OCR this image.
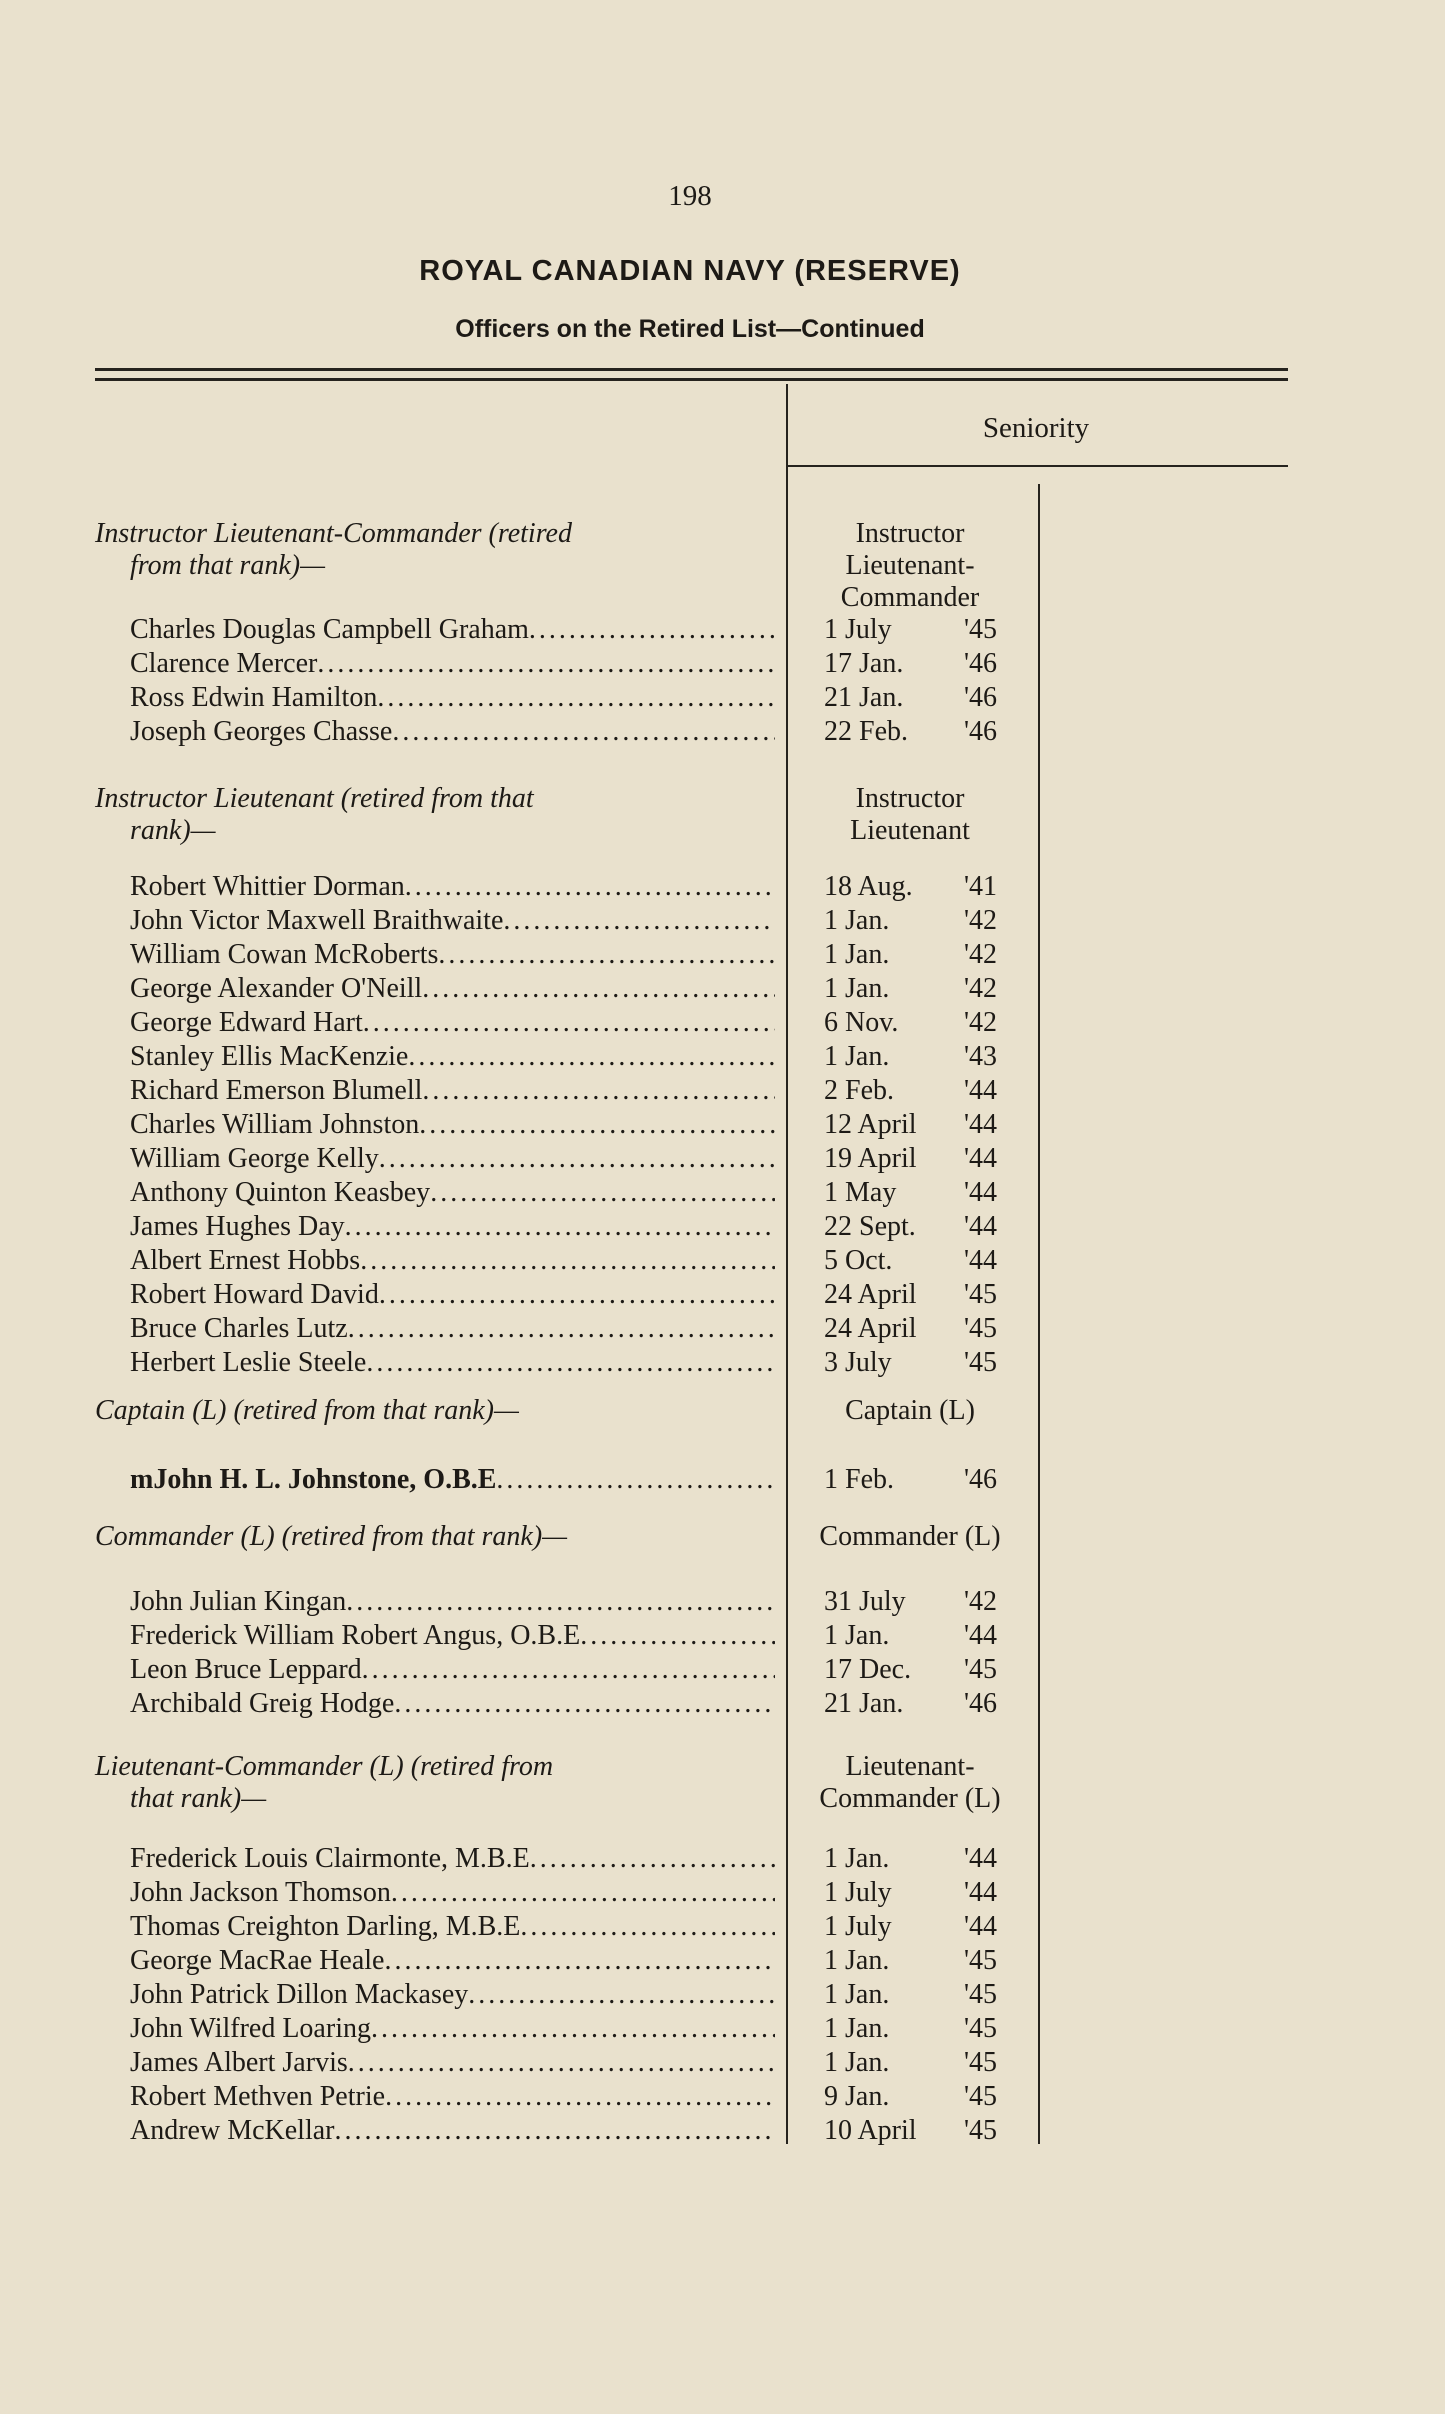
198
ROYAL CANADIAN NAVY (RESERVE)
Officers on the Retired List—Continued
Seniority
Instructor Lieutenant-Commander (retired
from that rank)—
Instructor
Lieutenant-
Commander
Charles Douglas Campbell Graham .....	1 July	'45
Clarence Mercer .....	17 Jan.	'46
Ross Edwin Hamilton .....	21 Jan.	'46
Joseph Georges Chasse .....	22 Feb.	'46
Instructor Lieutenant (retired from that
rank)—
Instructor
Lieutenant
Robert Whittier Dorman .....	18 Aug.	'41
John Victor Maxwell Braithwaite .....	1 Jan.	'42
William Cowan McRoberts .....	1 Jan.	'42
George Alexander O'Neill .....	1 Jan.	'42
George Edward Hart .....	6 Nov.	'42
Stanley Ellis MacKenzie .....	1 Jan.	'43
Richard Emerson Blumell .....	2 Feb.	'44
Charles William Johnston .....	12 April	'44
William George Kelly .....	19 April	'44
Anthony Quinton Keasbey .....	1 May	'44
James Hughes Day .....	22 Sept.	'44
Albert Ernest Hobbs .....	5 Oct.	'44
Robert Howard David .....	24 April	'45
Bruce Charles Lutz .....	24 April	'45
Herbert Leslie Steele .....	3 July	'45
Captain (L) (retired from that rank)—	Captain (L)
mJohn H. L. Johnstone, O.B.E .....	1 Feb.	'46
Commander (L) (retired from that rank)—	Commander (L)
John Julian Kingan .....	31 July	'42
Frederick William Robert Angus, O.B.E .....	1 Jan.	'44
Leon Bruce Leppard .....	17 Dec.	'45
Archibald Greig Hodge .....	21 Jan.	'46
Lieutenant-Commander (L) (retired from
that rank)—
Lieutenant-
Commander (L)
Frederick Louis Clairmonte, M.B.E .....	1 Jan.	'44
John Jackson Thomson .....	1 July	'44
Thomas Creighton Darling, M.B.E .....	1 July	'44
George MacRae Heale .....	1 Jan.	'45
John Patrick Dillon Mackasey .....	1 Jan.	'45
John Wilfred Loaring .....	1 Jan.	'45
James Albert Jarvis .....	1 Jan.	'45
Robert Methven Petrie .....	9 Jan.	'45
Andrew McKellar .....	10 April	'45
